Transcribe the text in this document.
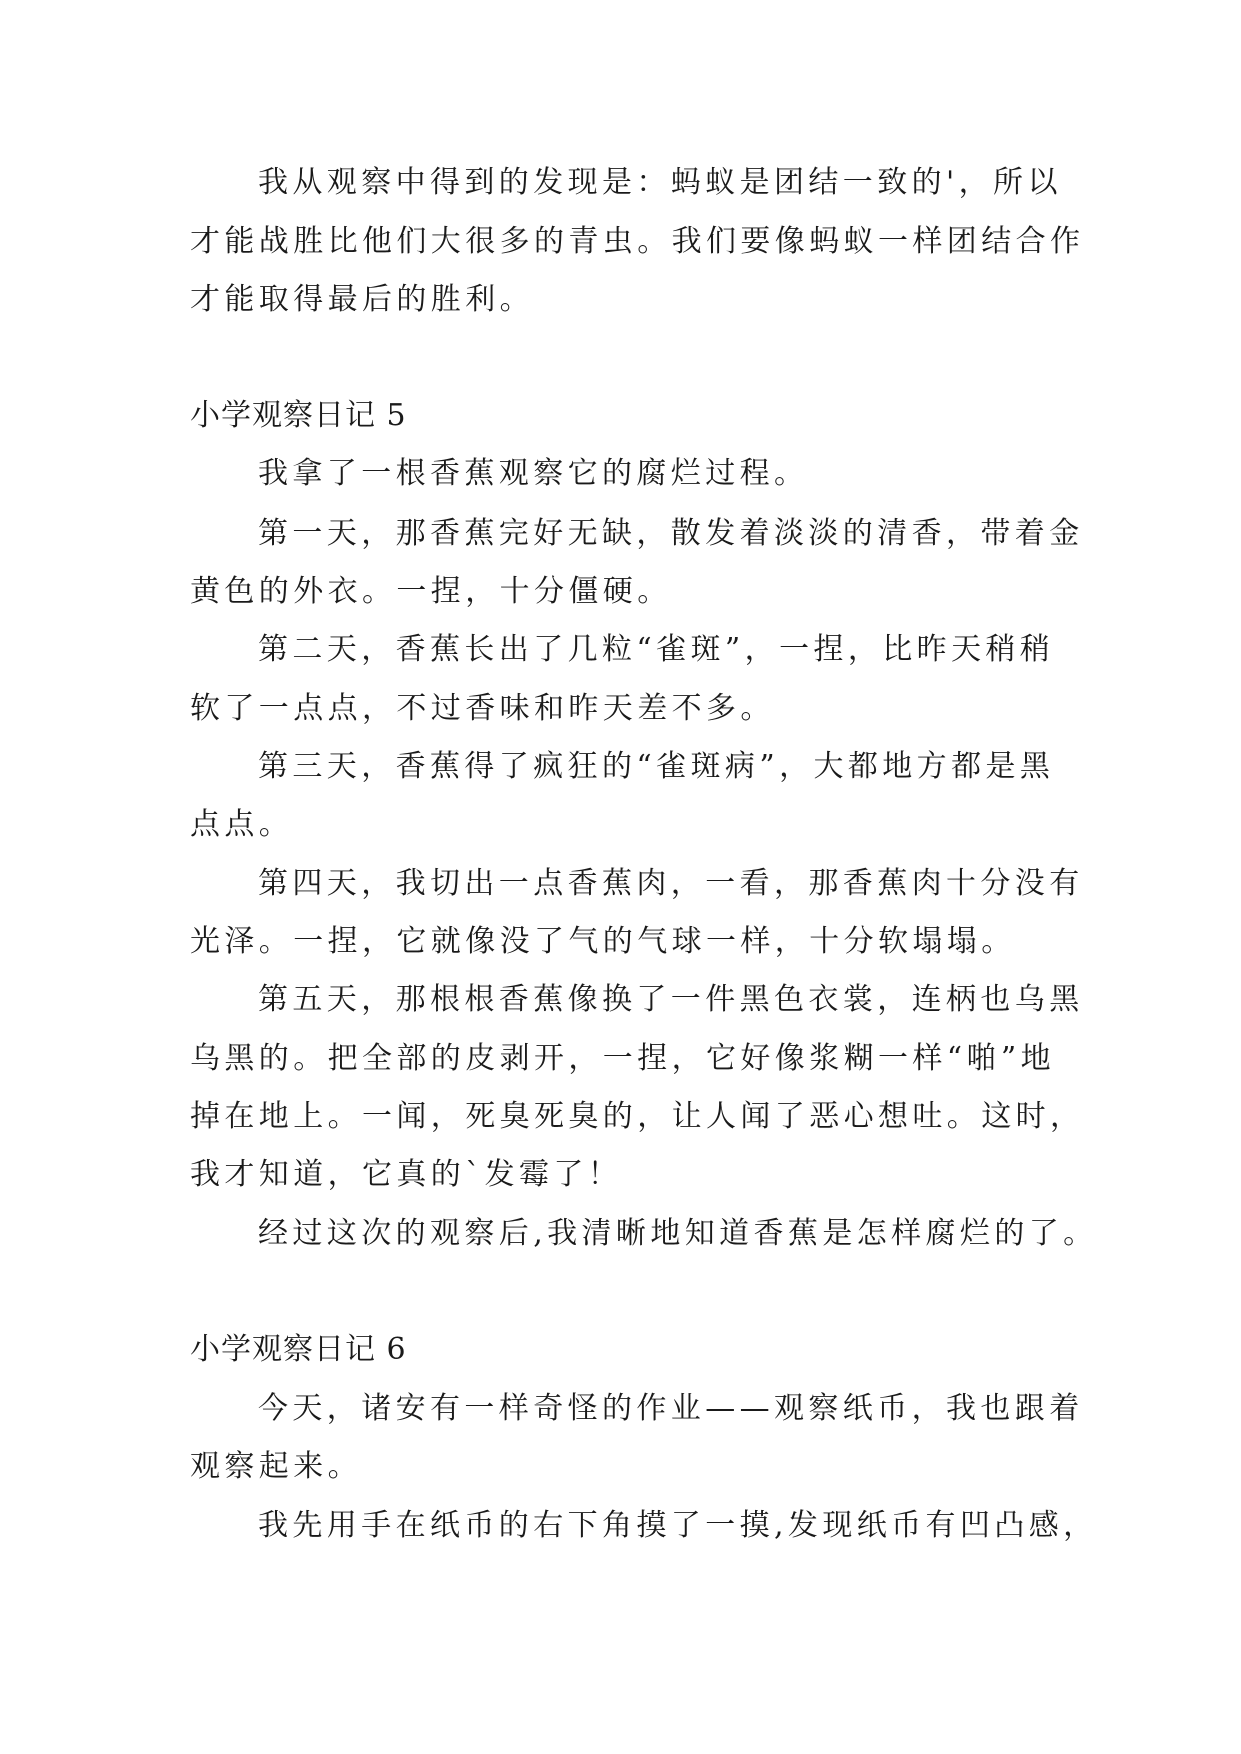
我从观察中得到的发现是：蚂蚁是团结一致的'，所以
才能战胜比他们大很多的青虫。我们要像蚂蚁一样团结合作
才能取得最后的胜利。
小学观察日记 5
我拿了一根香蕉观察它的腐烂过程。
第一天，那香蕉完好无缺，散发着淡淡的清香，带着金
黄色的外衣。一捏，十分僵硬。
第二天，香蕉长出了几粒“雀斑”，一捏，比昨天稍稍
软了一点点，不过香味和昨天差不多。
第三天，香蕉得了疯狂的“雀斑病”，大都地方都是黑
点点。
第四天，我切出一点香蕉肉，一看，那香蕉肉十分没有
光泽。一捏，它就像没了气的气球一样，十分软塌塌。
第五天，那根根香蕉像换了一件黑色衣裳，连柄也乌黑
乌黑的。把全部的皮剥开，一捏，它好像浆糊一样“啪”地
掉在地上。一闻，死臭死臭的，让人闻了恶心想吐。这时，
我才知道，它真的`发霉了！
经过这次的观察后,我清晰地知道香蕉是怎样腐烂的了。
小学观察日记 6
今天，诸安有一样奇怪的作业——观察纸币，我也跟着
观察起来。
我先用手在纸币的右下角摸了一摸,发现纸币有凹凸感，
